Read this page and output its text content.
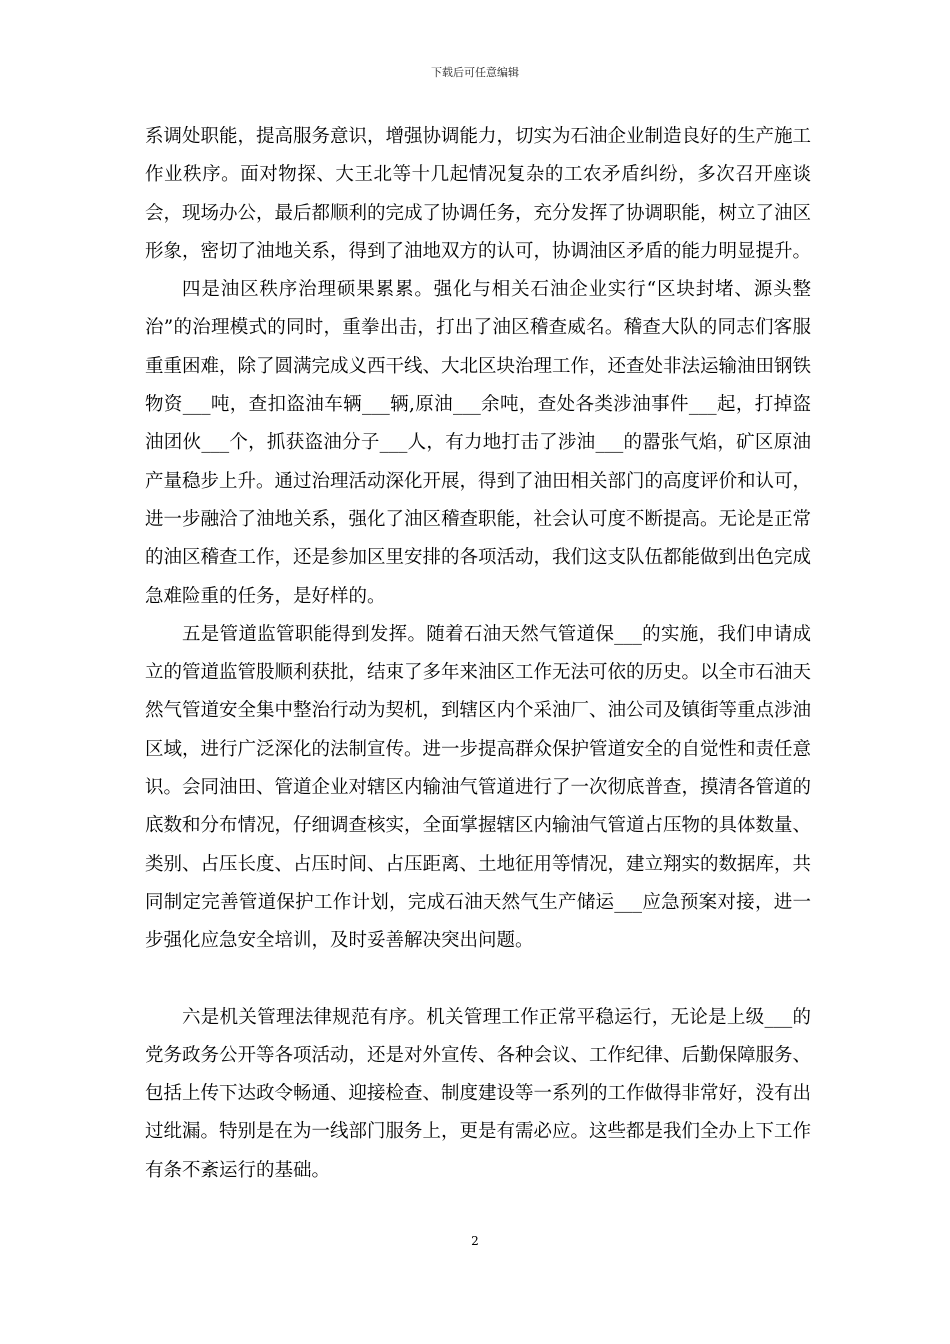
下载后可任意编辑

系调处职能，提高服务意识，增强协调能力，切实为石油企业制造良好的生产施工作业秩序。面对物探、大王北等十几起情况复杂的工农矛盾纠纷，多次召开座谈会，现场办公，最后都顺利的完成了协调任务，充分发挥了协调职能，树立了油区形象，密切了油地关系，得到了油地双方的认可，协调油区矛盾的能力明显提升。

四是油区秩序治理硕果累累。强化与相关石油企业实行“区块封堵、源头整治”的治理模式的同时，重拳出击，打出了油区稽查威名。稽查大队的同志们客服重重困难，除了圆满完成义西干线、大北区块治理工作，还查处非法运输油田钢铁物资___吨，查扣盗油车辆___辆,原油___余吨，查处各类涉油事件___起，打掉盗油团伙___个，抓获盗油分子___人，有力地打击了涉油___的嚣张气焰，矿区原油产量稳步上升。通过治理活动深化开展，得到了油田相关部门的高度评价和认可，进一步融洽了油地关系，强化了油区稽查职能，社会认可度不断提高。无论是正常的油区稽查工作，还是参加区里安排的各项活动，我们这支队伍都能做到出色完成急难险重的任务，是好样的。

五是管道监管职能得到发挥。随着石油天然气管道保___的实施，我们申请成立的管道监管股顺利获批，结束了多年来油区工作无法可依的历史。以全市石油天然气管道安全集中整治行动为契机，到辖区内个采油厂、油公司及镇街等重点涉油区域，进行广泛深化的法制宣传。进一步提高群众保护管道安全的自觉性和责任意识。会同油田、管道企业对辖区内输油气管道进行了一次彻底普查，摸清各管道的底数和分布情况，仔细调查核实，全面掌握辖区内输油气管道占压物的具体数量、类别、占压长度、占压时间、占压距离、土地征用等情况，建立翔实的数据库，共同制定完善管道保护工作计划，完成石油天然气生产储运___应急预案对接，进一步强化应急安全培训，及时妥善解决突出问题。

六是机关管理法律规范有序。机关管理工作正常平稳运行，无论是上级___的党务政务公开等各项活动，还是对外宣传、各种会议、工作纪律、后勤保障服务、包括上传下达政令畅通、迎接检查、制度建设等一系列的工作做得非常好，没有出过纰漏。特别是在为一线部门服务上，更是有需必应。这些都是我们全办上下工作有条不紊运行的基础。

2
